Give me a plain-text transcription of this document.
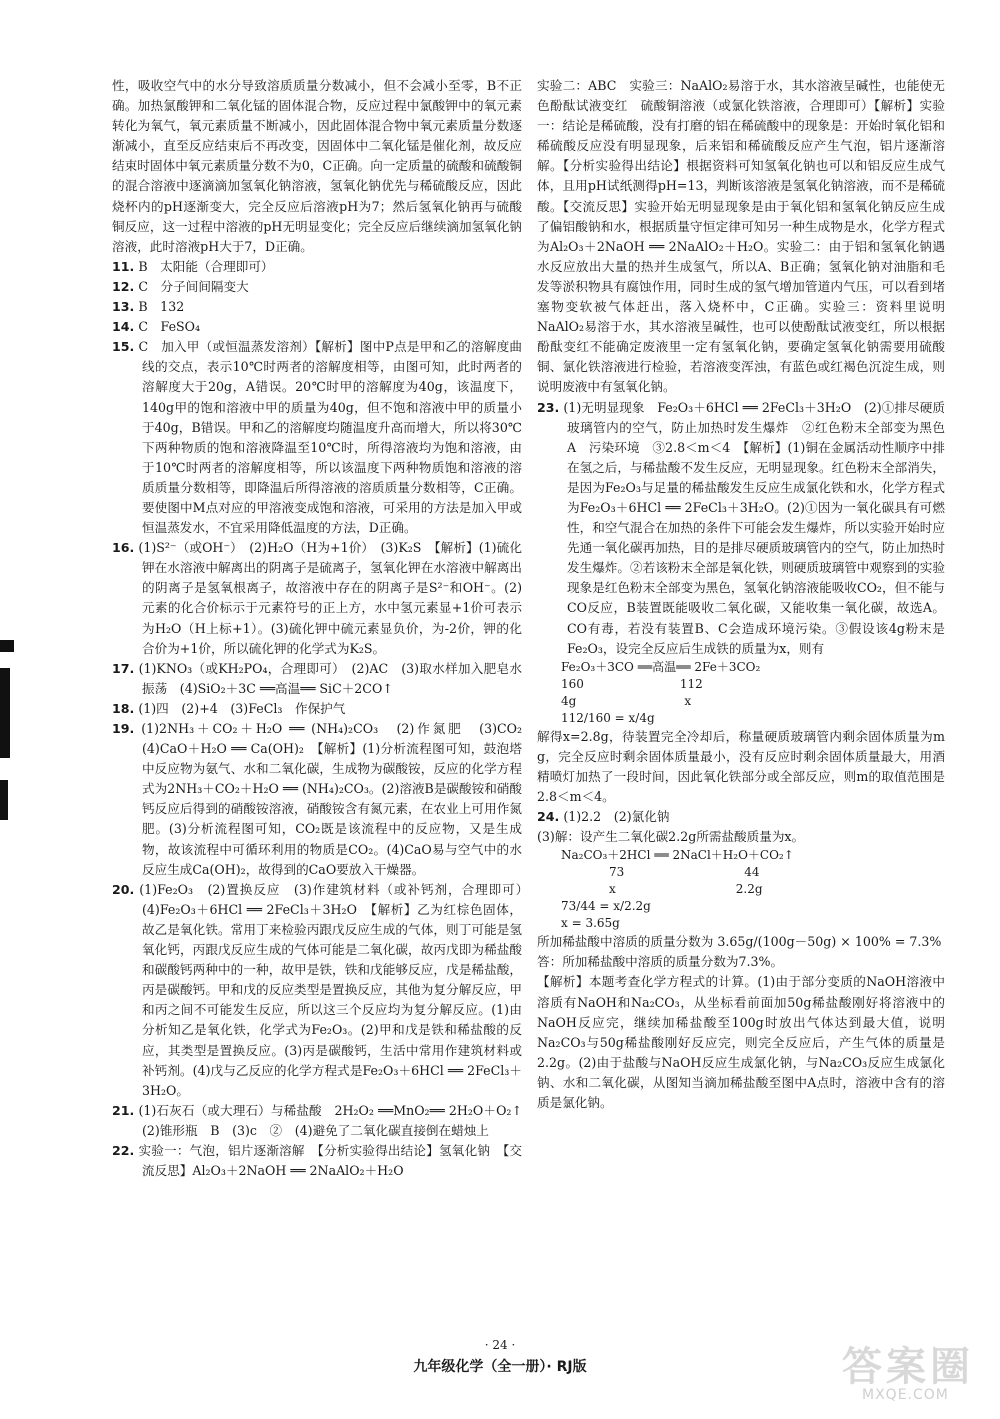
性，吸收空气中的水分导致溶质质量分数减小，但不会减小至零，B不正确。加热氯酸钾和二氧化锰的固体混合物，反应过程中氯酸钾中的氧元素转化为氧气，氧元素质量不断减小，因此固体混合物中氧元素质量分数逐渐减小，直至反应结束后不再改变，因固体中二氧化锰是催化剂，故反应结束时固体中氧元素质量分数不为0，C正确。向一定质量的硫酸和硫酸铜的混合溶液中逐滴滴加氢氧化钠溶液，氢氧化钠优先与稀硫酸反应，因此烧杯内的pH逐渐变大，完全反应后溶液pH为7；然后氢氧化钠再与硫酸铜反应，这一过程中溶液的pH无明显变化；完全反应后继续滴加氢氧化钠溶液，此时溶液pH大于7，D正确。

11. B　太阳能（合理即可）

12. C　分子间间隔变大

13. B　132

14. C　FeSO₄

15. C　加入甲（或恒温蒸发溶剂）【解析】图中P点是甲和乙的溶解度曲线的交点，表示10℃时两者的溶解度相等，由图可知，此时两者的溶解度大于20g，A错误。20℃时甲的溶解度为40g，该温度下，140g甲的饱和溶液中甲的质量为40g，但不饱和溶液中甲的质量小于40g，B错误。甲和乙的溶解度均随温度升高而增大，所以将30℃下两种物质的饱和溶液降温至10℃时，所得溶液均为饱和溶液，由于10℃时两者的溶解度相等，所以该温度下两种物质饱和溶液的溶质质量分数相等，即降温后所得溶液的溶质质量分数相等，C正确。要使图中M点对应的甲溶液变成饱和溶液，可采用的方法是加入甲或恒温蒸发水，不宜采用降低温度的方法，D正确。

16. (1)S²⁻（或OH⁻）　(2)H₂O（H为+1价）　(3)K₂S　【解析】(1)硫化钾在水溶液中解离出的阴离子是硫离子，氢氧化钾在水溶液中解离出的阴离子是氢氧根离子，故溶液中存在的阴离子是S²⁻和OH⁻。(2)元素的化合价标示于元素符号的正上方，水中氢元素显+1价可表示为H₂O（H上标+1）。(3)硫化钾中硫元素显负价，为-2价，钾的化合价为+1价，所以硫化钾的化学式为K₂S。

17. (1)KNO₃（或KH₂PO₄，合理即可）　(2)AC　(3)取水样加入肥皂水振荡　(4)SiO₂＋3C ══高温══ SiC＋2CO↑

18. (1)四　(2)+4　(3)FeCl₃　作保护气

19. (1)2NH₃＋CO₂＋H₂O ══ (NH₄)₂CO₃　(2)作氮肥　(3)CO₂　(4)CaO＋H₂O ══ Ca(OH)₂　【解析】(1)分析流程图可知，鼓泡塔中反应物为氨气、水和二氧化碳，生成物为碳酸铵，反应的化学方程式为2NH₃＋CO₂＋H₂O ══ (NH₄)₂CO₃。(2)溶液B是碳酸铵和硝酸钙反应后得到的硝酸铵溶液，硝酸铵含有氮元素，在农业上可用作氮肥。(3)分析流程图可知，CO₂既是该流程中的反应物，又是生成物，故该流程中可循环利用的物质是CO₂。(4)CaO易与空气中的水反应生成Ca(OH)₂，故得到的CaO要放入干燥器。

20. (1)Fe₂O₃　(2)置换反应　(3)作建筑材料（或补钙剂，合理即可）　(4)Fe₂O₃＋6HCl ══ 2FeCl₃＋3H₂O　【解析】乙为红棕色固体，故乙是氧化铁。常用丁来检验丙跟戊反应生成的气体，则丁可能是氢氧化钙，丙跟戊反应生成的气体可能是二氧化碳，故丙戊即为稀盐酸和碳酸钙两种中的一种，故甲是铁，铁和戊能够反应，戊是稀盐酸，丙是碳酸钙。甲和戊的反应类型是置换反应，其他为复分解反应，甲和丙之间不可能发生反应，所以这三个反应均为复分解反应。(1)由分析知乙是氧化铁，化学式为Fe₂O₃。(2)甲和戊是铁和稀盐酸的反应，其类型是置换反应。(3)丙是碳酸钙，生活中常用作建筑材料或补钙剂。(4)戊与乙反应的化学方程式是Fe₂O₃＋6HCl ══ 2FeCl₃＋3H₂O。

21. (1)石灰石（或大理石）与稀盐酸　2H₂O₂ ══MnO₂══ 2H₂O＋O₂↑　(2)锥形瓶　B　(3)c　②　(4)避免了二氧化碳直接倒在蜡烛上

22. 实验一：气泡，铝片逐渐溶解　【分析实验得出结论】氢氧化钠　【交流反思】Al₂O₃＋2NaOH ══ 2NaAlO₂＋H₂O

实验二：ABC　实验三：NaAlO₂易溶于水，其水溶液呈碱性，也能使无色酚酞试液变红　硫酸铜溶液（或氯化铁溶液，合理即可）【解析】实验一：结论是稀硫酸，没有打磨的铝在稀硫酸中的现象是：开始时氧化铝和稀硫酸反应没有明显现象，后来铝和稀硫酸反应产生气泡，铝片逐渐溶解。【分析实验得出结论】根据资料可知氢氧化钠也可以和铝反应生成气体，且用pH试纸测得pH=13，判断该溶液是氢氧化钠溶液，而不是稀硫酸。【交流反思】实验开始无明显现象是由于氧化铝和氢氧化钠反应生成了偏铝酸钠和水，根据质量守恒定律可知另一种生成物是水，化学方程式为Al₂O₃＋2NaOH ══ 2NaAlO₂＋H₂O。实验二：由于铝和氢氧化钠遇水反应放出大量的热并生成氢气，所以A、B正确；氢氧化钠对油脂和毛发等淤积物具有腐蚀作用，同时生成的氢气增加管道内气压，可以看到堵塞物变软被气体赶出，落入烧杯中，C正确。实验三：资料里说明NaAlO₂易溶于水，其水溶液呈碱性，也可以使酚酞试液变红，所以根据酚酞变红不能确定废液里一定有氢氧化钠，要确定氢氧化钠需要用硫酸铜、氯化铁溶液进行检验，若溶液变浑浊，有蓝色或红褐色沉淀生成，则说明废液中有氢氧化钠。

23. (1)无明显现象　Fe₂O₃＋6HCl ══ 2FeCl₃＋3H₂O　(2)①排尽硬质玻璃管内的空气，防止加热时发生爆炸　②红色粉末全部变为黑色　A　污染环境　③2.8＜m＜4　【解析】(1)铜在金属活动性顺序中排在氢之后，与稀盐酸不发生反应，无明显现象。红色粉末全部消失，是因为Fe₂O₃与足量的稀盐酸发生反应生成氯化铁和水，化学方程式为Fe₂O₃＋6HCl ══ 2FeCl₃＋3H₂O。(2)①因为一氧化碳具有可燃性，和空气混合在加热的条件下可能会发生爆炸，所以实验开始时应先通一氧化碳再加热，目的是排尽硬质玻璃管内的空气，防止加热时发生爆炸。②若该粉末全部是氧化铁，则硬质玻璃管中观察到的实验现象是红色粉末全部变为黑色，氢氧化钠溶液能吸收CO₂，但不能与CO反应，B装置既能吸收二氧化碳，又能收集一氧化碳，故选A。CO有毒，若没有装置B、C会造成环境污染。③假设该4g粉末是Fe₂O₃，设完全反应后生成铁的质量为x，则有

Fe₂O₃＋3CO ══高温══ 2Fe＋3CO₂

160　　　　　　　　112

4g　　　　　　　　　x

112/160 = x/4g

解得x=2.8g，待装置完全冷却后，称量硬质玻璃管内剩余固体质量为m g，完全反应时剩余固体质量最小，没有反应时剩余固体质量最大，用酒精喷灯加热了一段时间，因此氧化铁部分或全部反应，则m的取值范围是2.8＜m＜4。

24. (1)2.2　(2)氯化钠

(3)解：设产生二氧化碳2.2g所需盐酸质量为x。

Na₂CO₃＋2HCl ══ 2NaCl＋H₂O＋CO₂↑

　　　　73　　　　　　　　　　44

　　　　x　　　　　　　　　　2.2g

73/44 = x/2.2g

x = 3.65g

所加稀盐酸中溶质的质量分数为 3.65g/(100g－50g) × 100% = 7.3%

答：所加稀盐酸中溶质的质量分数为7.3%。

【解析】本题考查化学方程式的计算。(1)由于部分变质的NaOH溶液中溶质有NaOH和Na₂CO₃，从坐标看前面加50g稀盐酸刚好将溶液中的NaOH反应完，继续加稀盐酸至100g时放出气体达到最大值，说明Na₂CO₃与50g稀盐酸刚好反应完，则完全反应后，产生气体的质量是2.2g。(2)由于盐酸与NaOH反应生成氯化钠，与Na₂CO₃反应生成氯化钠、水和二氧化碳，从图知当滴加稀盐酸至图中A点时，溶液中含有的溶质是氯化钠。

· 24 ·
九年级化学（全一册）· RJ版	答案圈
MXQE.COM
